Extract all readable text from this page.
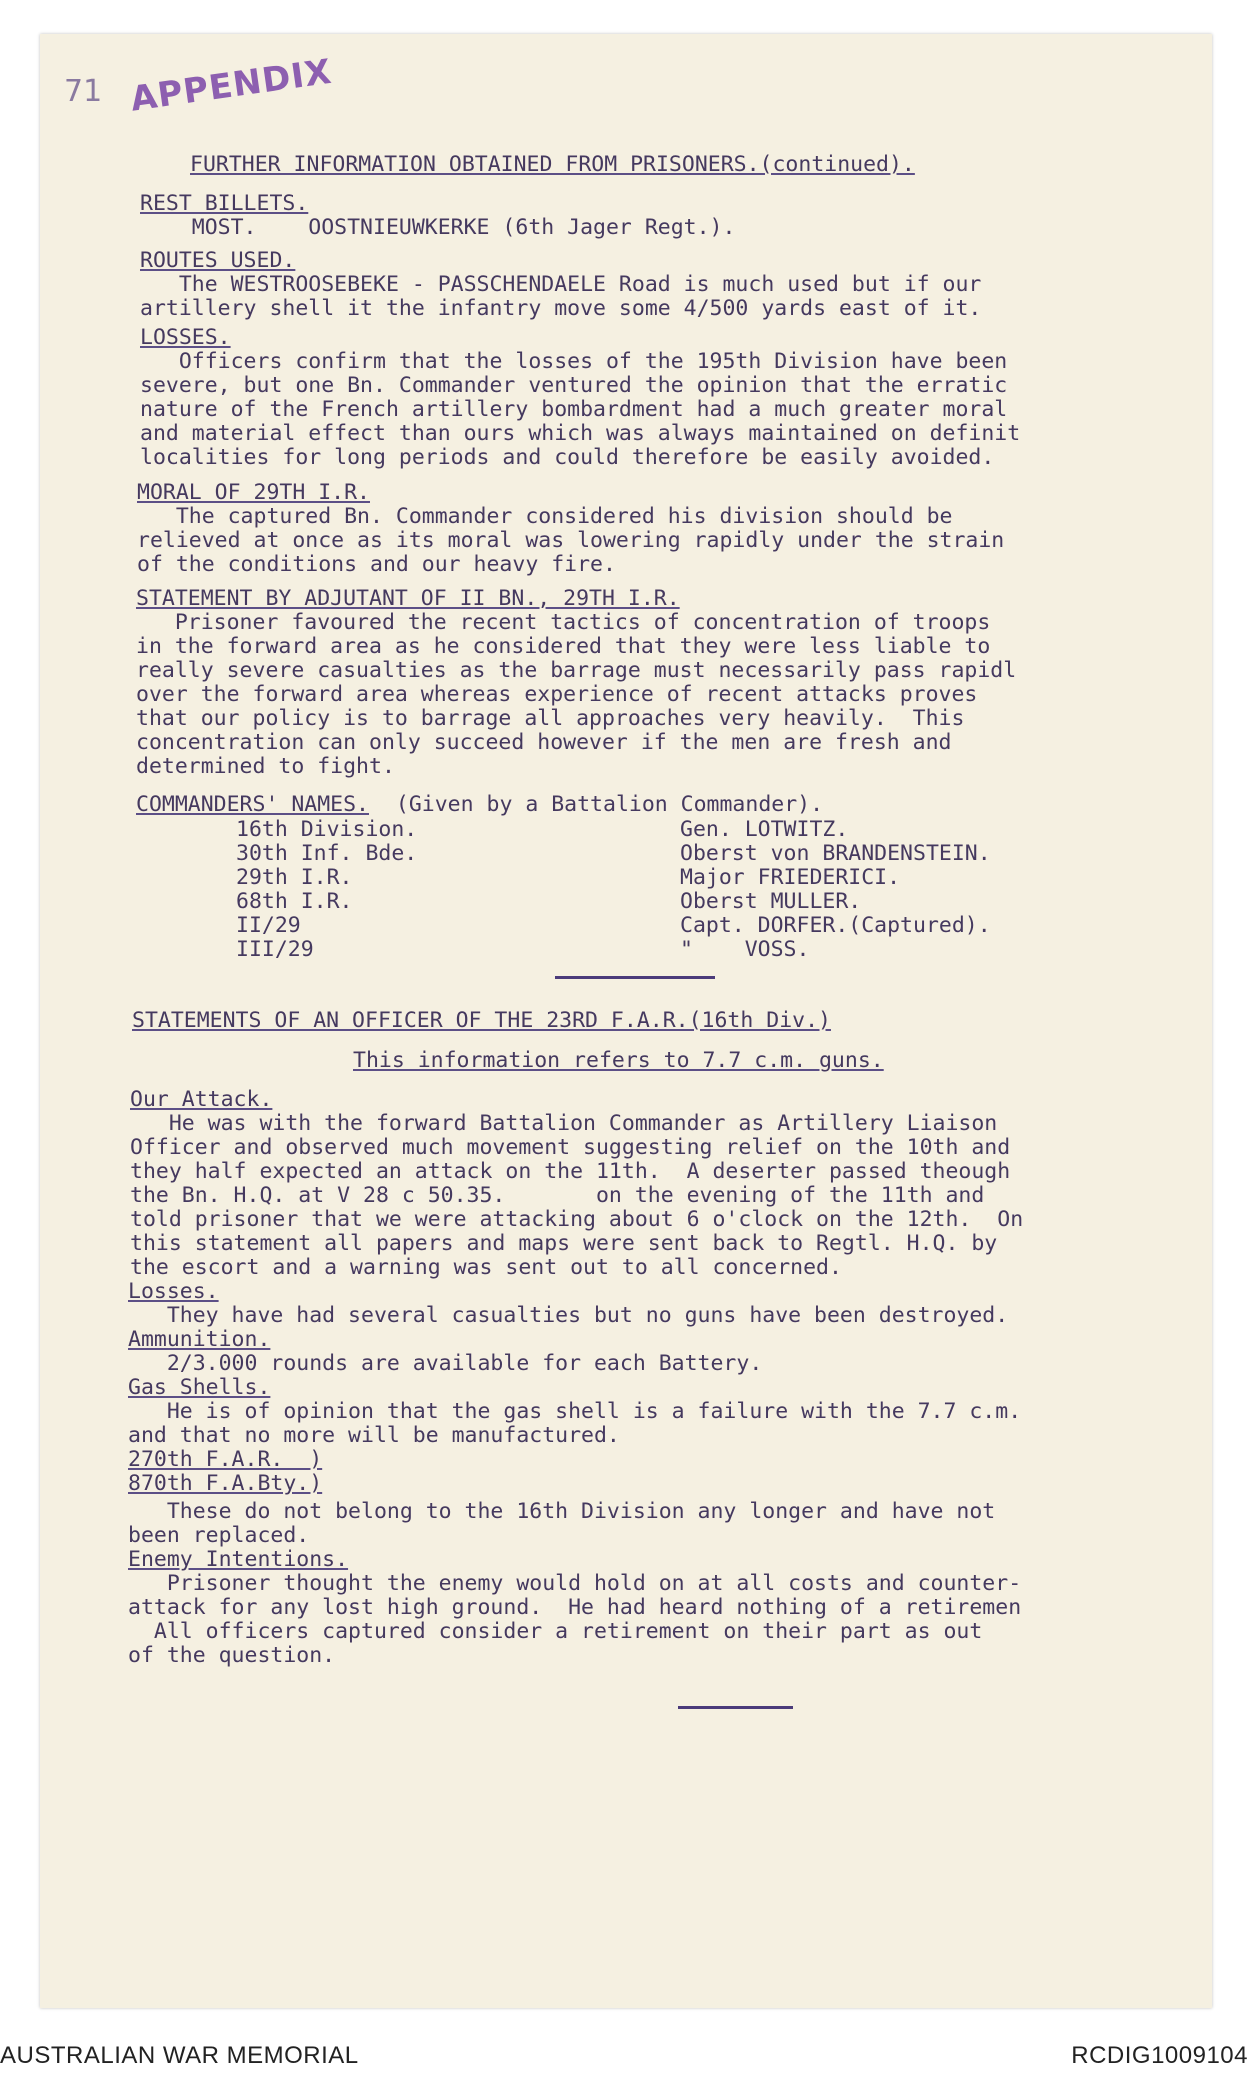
71 APPENDIX
FURTHER INFORMATION OBTAINED FROM PRISONERS.(continued).
REST BILLETS.
MOST.    OOSTNIEUWKERKE (6th Jager Regt.).
ROUTES USED.
The WESTROOSEBEKE - PASSCHENDAELE Road is much used but if our
artillery shell it the infantry move some 4/500 yards east of it.
LOSSES.
Officers confirm that the losses of the 195th Division have been
severe, but one Bn. Commander ventured the opinion that the erratic
nature of the French artillery bombardment had a much greater moral
and material effect than ours which was always maintained on definit
localities for long periods and could therefore be easily avoided.
MORAL OF 29TH I.R.
The captured Bn. Commander considered his division should be
relieved at once as its moral was lowering rapidly under the strain
of the conditions and our heavy fire.
STATEMENT BY ADJUTANT OF II BN., 29TH I.R.
Prisoner favoured the recent tactics of concentration of troops
in the forward area as he considered that they were less liable to
really severe casualties as the barrage must necessarily pass rapidl
over the forward area whereas experience of recent attacks proves
that our policy is to barrage all approaches very heavily.  This
concentration can only succeed however if the men are fresh and
determined to fight.
COMMANDERS' NAMES. (Given by a Battalion Commander).
16th Division.	Gen. LOTWITZ.
30th Inf. Bde.	Oberst von BRANDENSTEIN.
29th I.R.	Major FRIEDERICI.
68th I.R.	Oberst MULLER.
II/29	Capt. DORFER.(Captured).
III/29	"    VOSS.
STATEMENTS OF AN OFFICER OF THE 23RD F.A.R.(16th Div.)
This information refers to 7.7 c.m. guns.
Our Attack.
He was with the forward Battalion Commander as Artillery Liaison
Officer and observed much movement suggesting relief on the 10th and
they half expected an attack on the 11th.  A deserter passed theough
the Bn. H.Q. at V 28 c 50.35.       on the evening of the 11th and
told prisoner that we were attacking about 6 o'clock on the 12th.  On
this statement all papers and maps were sent back to Regtl. H.Q. by
the escort and a warning was sent out to all concerned.
Losses.
They have had several casualties but no guns have been destroyed.
Ammunition.
2/3.000 rounds are available for each Battery.
Gas Shells.
He is of opinion that the gas shell is a failure with the 7.7 c.m.
and that no more will be manufactured.
270th F.A.R.  )
870th F.A.Bty.)
These do not belong to the 16th Division any longer and have not
been replaced.
Enemy Intentions.
Prisoner thought the enemy would hold on at all costs and counter-
attack for any lost high ground.  He had heard nothing of a retiremen
All officers captured consider a retirement on their part as out
of the question.
AUSTRALIAN WAR MEMORIAL	RCDIG1009104
